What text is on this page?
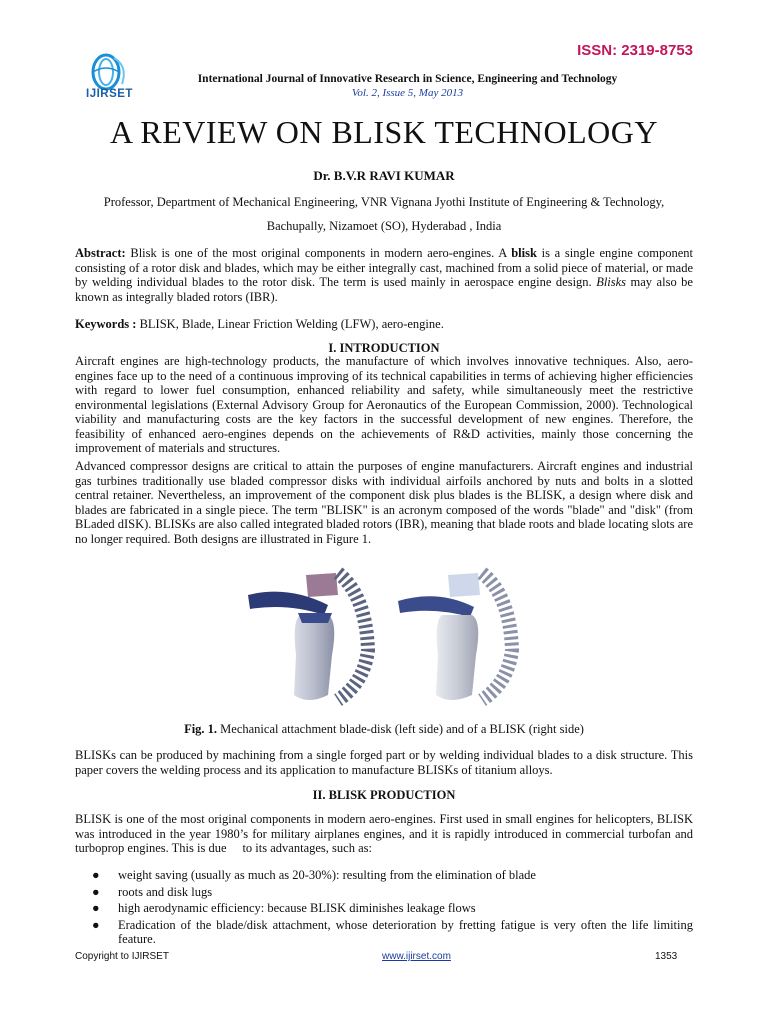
ISSN: 2319-8753
IJIRSET
International Journal of Innovative Research in Science, Engineering and Technology
Vol. 2, Issue 5, May 2013
A REVIEW ON BLISK TECHNOLOGY
Dr. B.V.R RAVI KUMAR
Professor, Department of Mechanical Engineering, VNR Vignana Jyothi Institute of Engineering & Technology,
Bachupally, Nizamoet (SO), Hyderabad , India
Abstract: Blisk is one of the most original components in modern aero-engines. A blisk is a single engine component consisting of a rotor disk and blades, which may be either integrally cast, machined from a solid piece of material, or made by welding individual blades to the rotor disk. The term is used mainly in aerospace engine design. Blisks may also be known as integrally bladed rotors (IBR).
Keywords : BLISK, Blade, Linear Friction Welding (LFW), aero-engine.
I. INTRODUCTION
Aircraft engines are high-technology products, the manufacture of which involves innovative techniques. Also, aero-engines face up to the need of a continuous improving of its technical capabilities in terms of achieving higher efficiencies with regard to lower fuel consumption, enhanced reliability and safety, while simultaneously meet the restrictive environmental legislations (External Advisory Group for Aeronautics of the European Commission, 2000). Technological viability and manufacturing costs are the key factors in the successful development of new engines. Therefore, the feasibility of enhanced aero-engines depends on the achievements of R&D activities, mainly those concerning the improvement of materials and structures.
Advanced compressor designs are critical to attain the purposes of engine manufacturers. Aircraft engines and industrial gas turbines traditionally use bladed compressor disks with individual airfoils anchored by nuts and bolts in a slotted central retainer. Nevertheless, an improvement of the component disk plus blades is the BLISK, a design where disk and blades are fabricated in a single piece. The term "BLISK" is an acronym composed of the words "blade" and "disk" (from BLaded dISK). BLISKs are also called integrated bladed rotors (IBR), meaning that blade roots and blade locating slots are no longer required. Both designs are illustrated in Figure 1.
Fig. 1. Mechanical attachment blade-disk (left side) and of a BLISK (right side)
BLISKs can be produced by machining from a single forged part or by welding individual blades to a disk structure. This paper covers the welding process and its application to manufacture BLISKs of titanium alloys.
II. BLISK PRODUCTION
BLISK is one of the most original components in modern aero-engines. First used in small engines for helicopters, BLISK was introduced in the year 1980’s for military airplanes engines, and it is rapidly introduced in commercial turbofan and turboprop engines. This is due   to its advantages, such as:
● weight saving (usually as much as 20-30%): resulting from the elimination of blade
● roots and disk lugs
● high aerodynamic efficiency: because BLISK diminishes leakage flows
● Eradication of the blade/disk attachment, whose deterioration by fretting fatigue is very often the life limiting feature.
Copyright to IJIRSET	www.ijirset.com	1353
